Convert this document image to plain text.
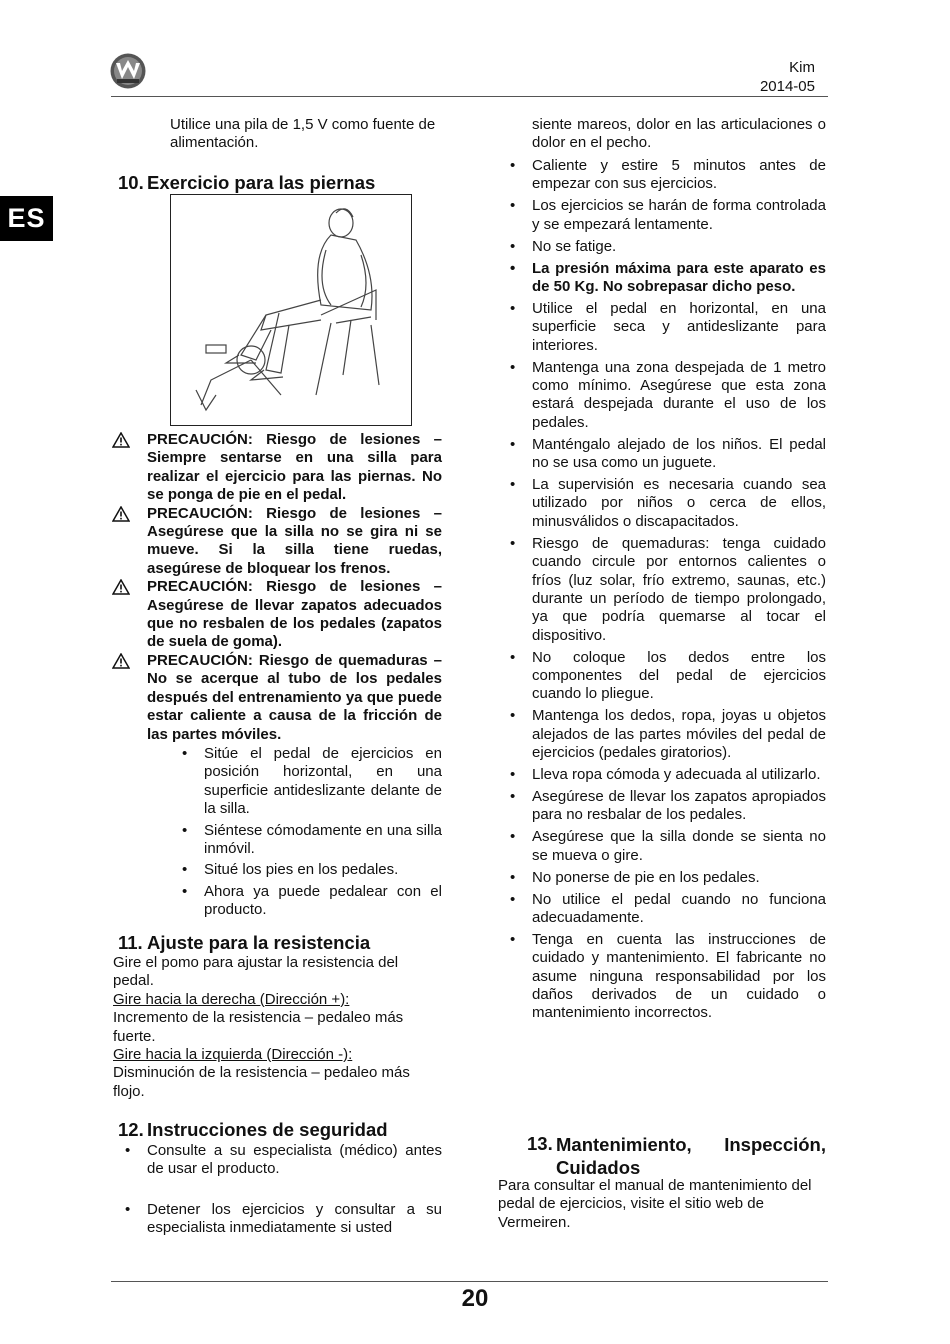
Kim
2014-05
ES
Utilice una pila de 1,5 V como fuente de alimentación.
10. Exercicio para las piernas
PRECAUCIÓN: Riesgo de lesiones – Siempre sentarse en una silla para realizar el ejercicio para las piernas. No se ponga de pie en el pedal.
PRECAUCIÓN: Riesgo de lesiones – Asegúrese que la silla no se gira ni se mueve. Si la silla tiene ruedas, asegúrese de bloquear los frenos.
PRECAUCIÓN: Riesgo de lesiones – Asegúrese de llevar zapatos adecuados que no resbalen de los pedales (zapatos de suela de goma).
PRECAUCIÓN: Riesgo de quemaduras – No se acerque al tubo de los pedales después del entrenamiento ya que puede estar caliente a causa de la fricción de las partes móviles.
• Sitúe el pedal de ejercicios en posición horizontal, en una superficie antideslizante delante de la silla.
• Siéntese cómodamente en una silla inmóvil.
• Situé los pies en los pedales.
• Ahora ya puede pedalear con el producto.
11. Ajuste para la resistencia
Gire el pomo para ajustar la resistencia del pedal.
Gire hacia la derecha (Dirección +):
Incremento de la resistencia – pedaleo más fuerte.
Gire hacia la izquierda (Dirección -):
Disminución de la resistencia – pedaleo más flojo.
12. Instrucciones de seguridad
• Consulte a su especialista (médico) antes de usar el producto.
• Detener los ejercicios y consultar a su especialista inmediatamente si usted
siente mareos, dolor en las articulaciones o dolor en el pecho.
• Caliente y estire 5 minutos antes de empezar con sus ejercicios.
• Los ejercicios se harán de forma controlada y se empezará lentamente.
• No se fatige.
• La presión máxima para este aparato es de 50 Kg. No sobrepasar dicho peso.
• Utilice el pedal en horizontal, en una superficie seca y antideslizante para interiores.
• Mantenga una zona despejada de 1 metro como mínimo. Asegúrese que esta zona estará despejada durante el uso de los pedales.
• Manténgalo alejado de los niños. El pedal no se usa como un juguete.
• La supervisión es necesaria cuando sea utilizado por niños o cerca de ellos, minusválidos o discapacitados.
• Riesgo de quemaduras: tenga cuidado cuando circule por entornos calientes o fríos (luz solar, frío extremo, saunas, etc.) durante un período de tiempo prolongado, ya que podría quemarse al tocar el dispositivo.
• No coloque los dedos entre los componentes del pedal de ejercicios cuando lo pliegue.
• Mantenga los dedos, ropa, joyas u objetos alejados de las partes móviles del pedal de ejercicios (pedales giratorios).
• Lleva ropa cómoda y adecuada al utilizarlo.
• Asegúrese de llevar los zapatos apropiados para no resbalar de los pedales.
• Asegúrese que la silla donde se sienta no se mueva o gire.
• No ponerse de pie en los pedales.
• No utilice el pedal cuando no funciona adecuadamente.
• Tenga en cuenta las instrucciones de cuidado y mantenimiento. El fabricante no asume ninguna responsabilidad por los daños derivados de un cuidado o mantenimiento incorrectos.
13. Mantenimiento, Inspección, Cuidados
Para consultar el manual de mantenimiento del pedal de ejercicios, visite el sitio web de Vermeiren.
20
